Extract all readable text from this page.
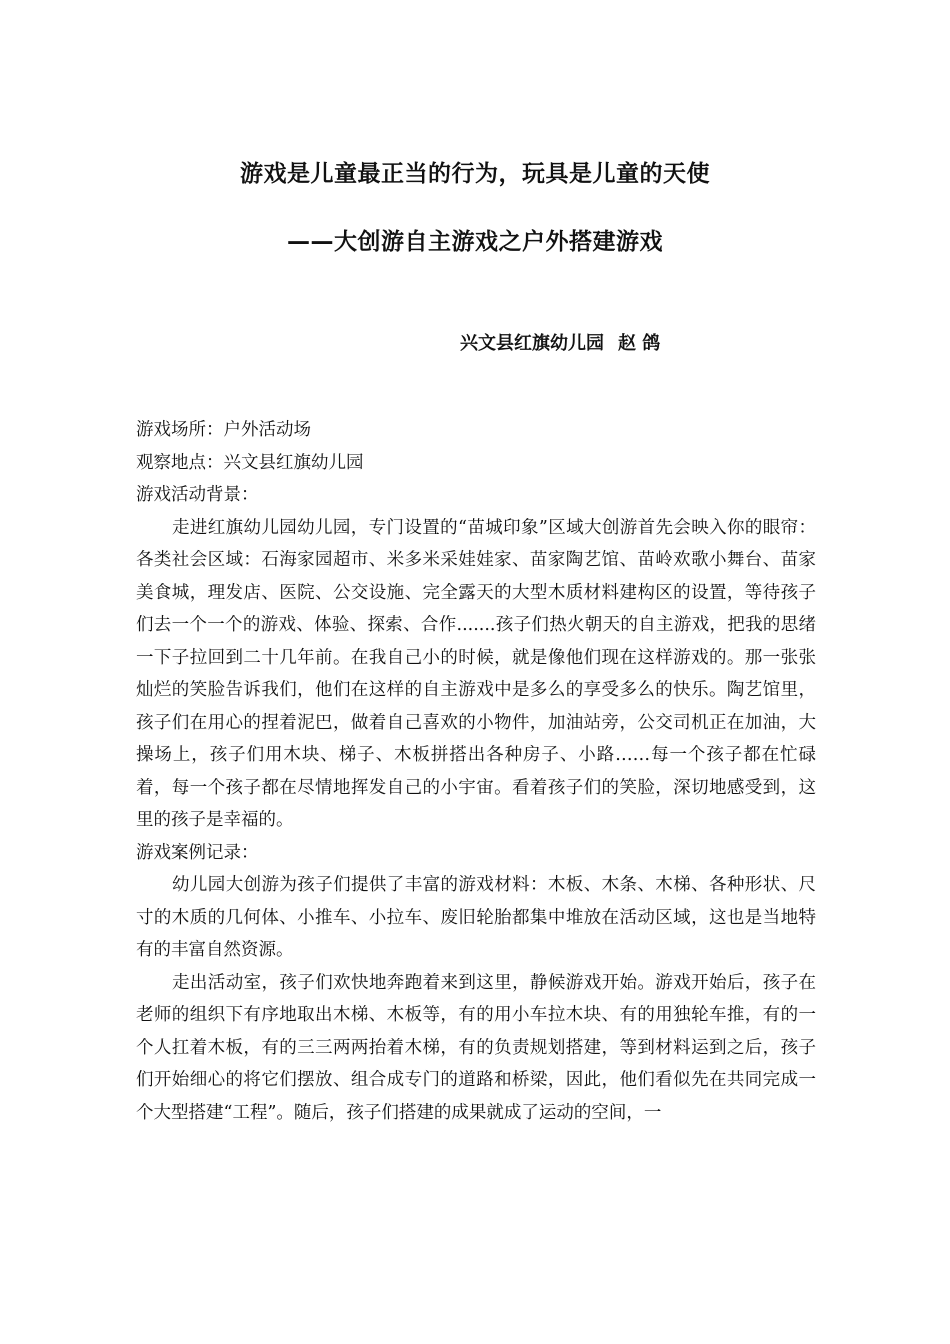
游戏是儿童最正当的行为，玩具是儿童的天使
——大创游自主游戏之户外搭建游戏
兴文县红旗幼儿园 赵 鸽

游戏场所：户外活动场

观察地点：兴文县红旗幼儿园

游戏活动背景：

走进红旗幼儿园幼儿园，专门设置的“苗城印象”区域大创游首先会映入你的眼帘：各类社会区域：石海家园超市、米多米采娃娃家、苗家陶艺馆、苗岭欢歌小舞台、苗家美食城，理发店、医院、公交设施、完全露天的大型木质材料建构区的设置，等待孩子们去一个一个的游戏、体验、探索、合作.......孩子们热火朝天的自主游戏，把我的思绪一下子拉回到二十几年前。在我自己小的时候，就是像他们现在这样游戏的。那一张张灿烂的笑脸告诉我们，他们在这样的自主游戏中是多么的享受多么的快乐。陶艺馆里，孩子们在用心的捏着泥巴，做着自己喜欢的小物件，加油站旁，公交司机正在加油，大操场上，孩子们用木块、梯子、木板拼搭出各种房子、小路……每一个孩子都在忙碌着，每一个孩子都在尽情地挥发自己的小宇宙。看着孩子们的笑脸，深切地感受到，这里的孩子是幸福的。

游戏案例记录：

幼儿园大创游为孩子们提供了丰富的游戏材料：木板、木条、木梯、各种形状、尺寸的木质的几何体、小推车、小拉车、废旧轮胎都集中堆放在活动区域，这也是当地特有的丰富自然资源。

走出活动室，孩子们欢快地奔跑着来到这里，静候游戏开始。游戏开始后，孩子在老师的组织下有序地取出木梯、木板等，有的用小车拉木块、有的用独轮车推，有的一个人扛着木板，有的三三两两抬着木梯，有的负责规划搭建，等到材料运到之后，孩子们开始细心的将它们摆放、组合成专门的道路和桥梁，因此，他们看似先在共同完成一个大型搭建“工程”。随后，孩子们搭建的成果就成了运动的空间，一
